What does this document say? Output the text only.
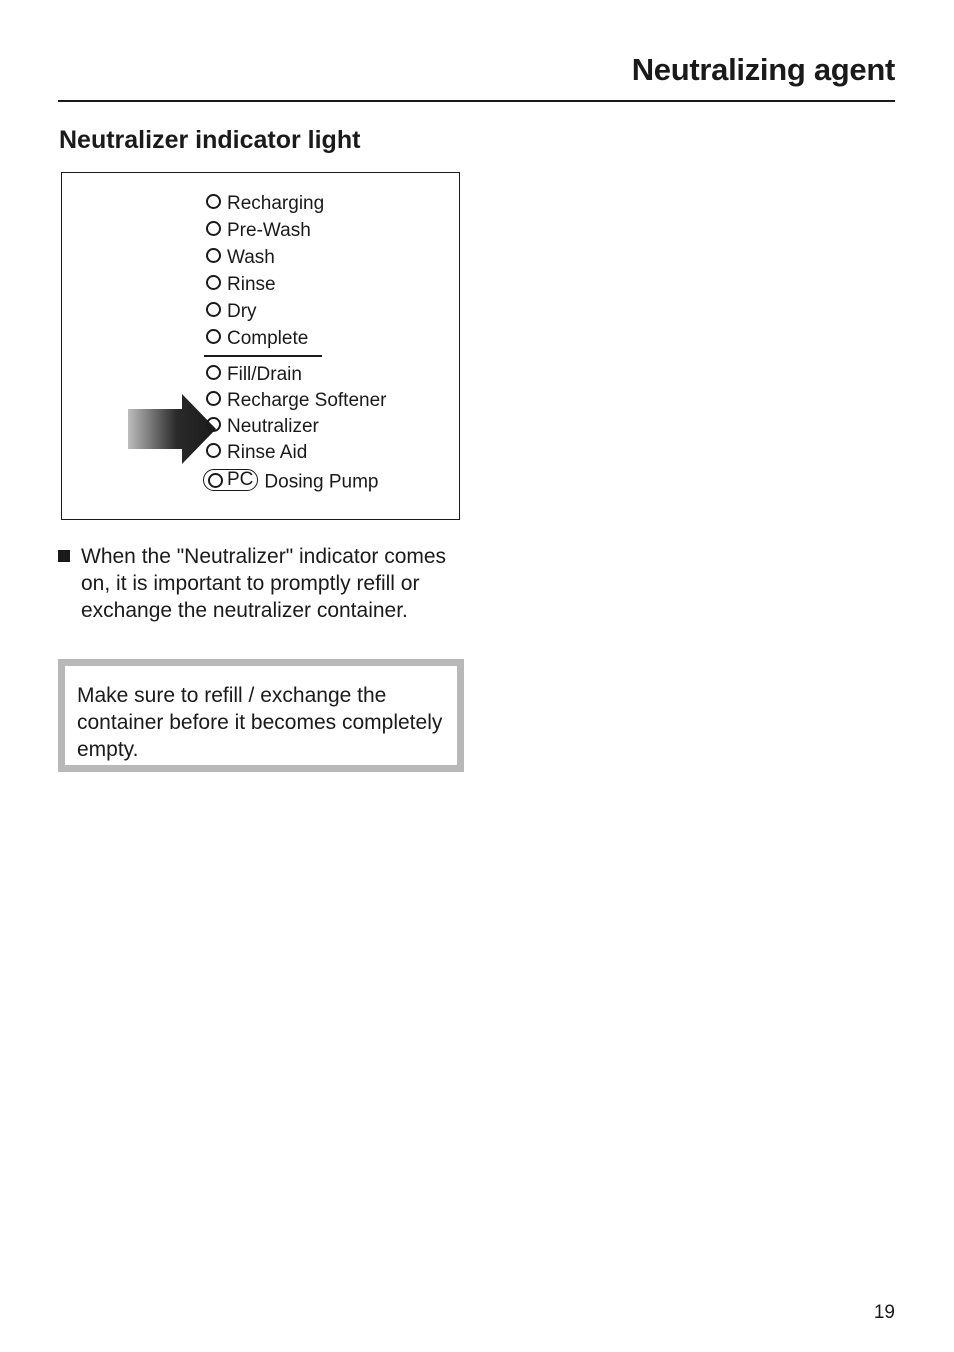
Neutralizing agent
Neutralizer indicator light
Recharging
Pre-Wash
Wash
Rinse
Dry
Complete
Fill/Drain
Recharge Softener
Neutralizer
Rinse Aid
PC Dosing Pump
When the "Neutralizer" indicator comes on, it is important to promptly refill or exchange the neutralizer container.
Make sure to refill / exchange the container before it becomes completely empty.
19
